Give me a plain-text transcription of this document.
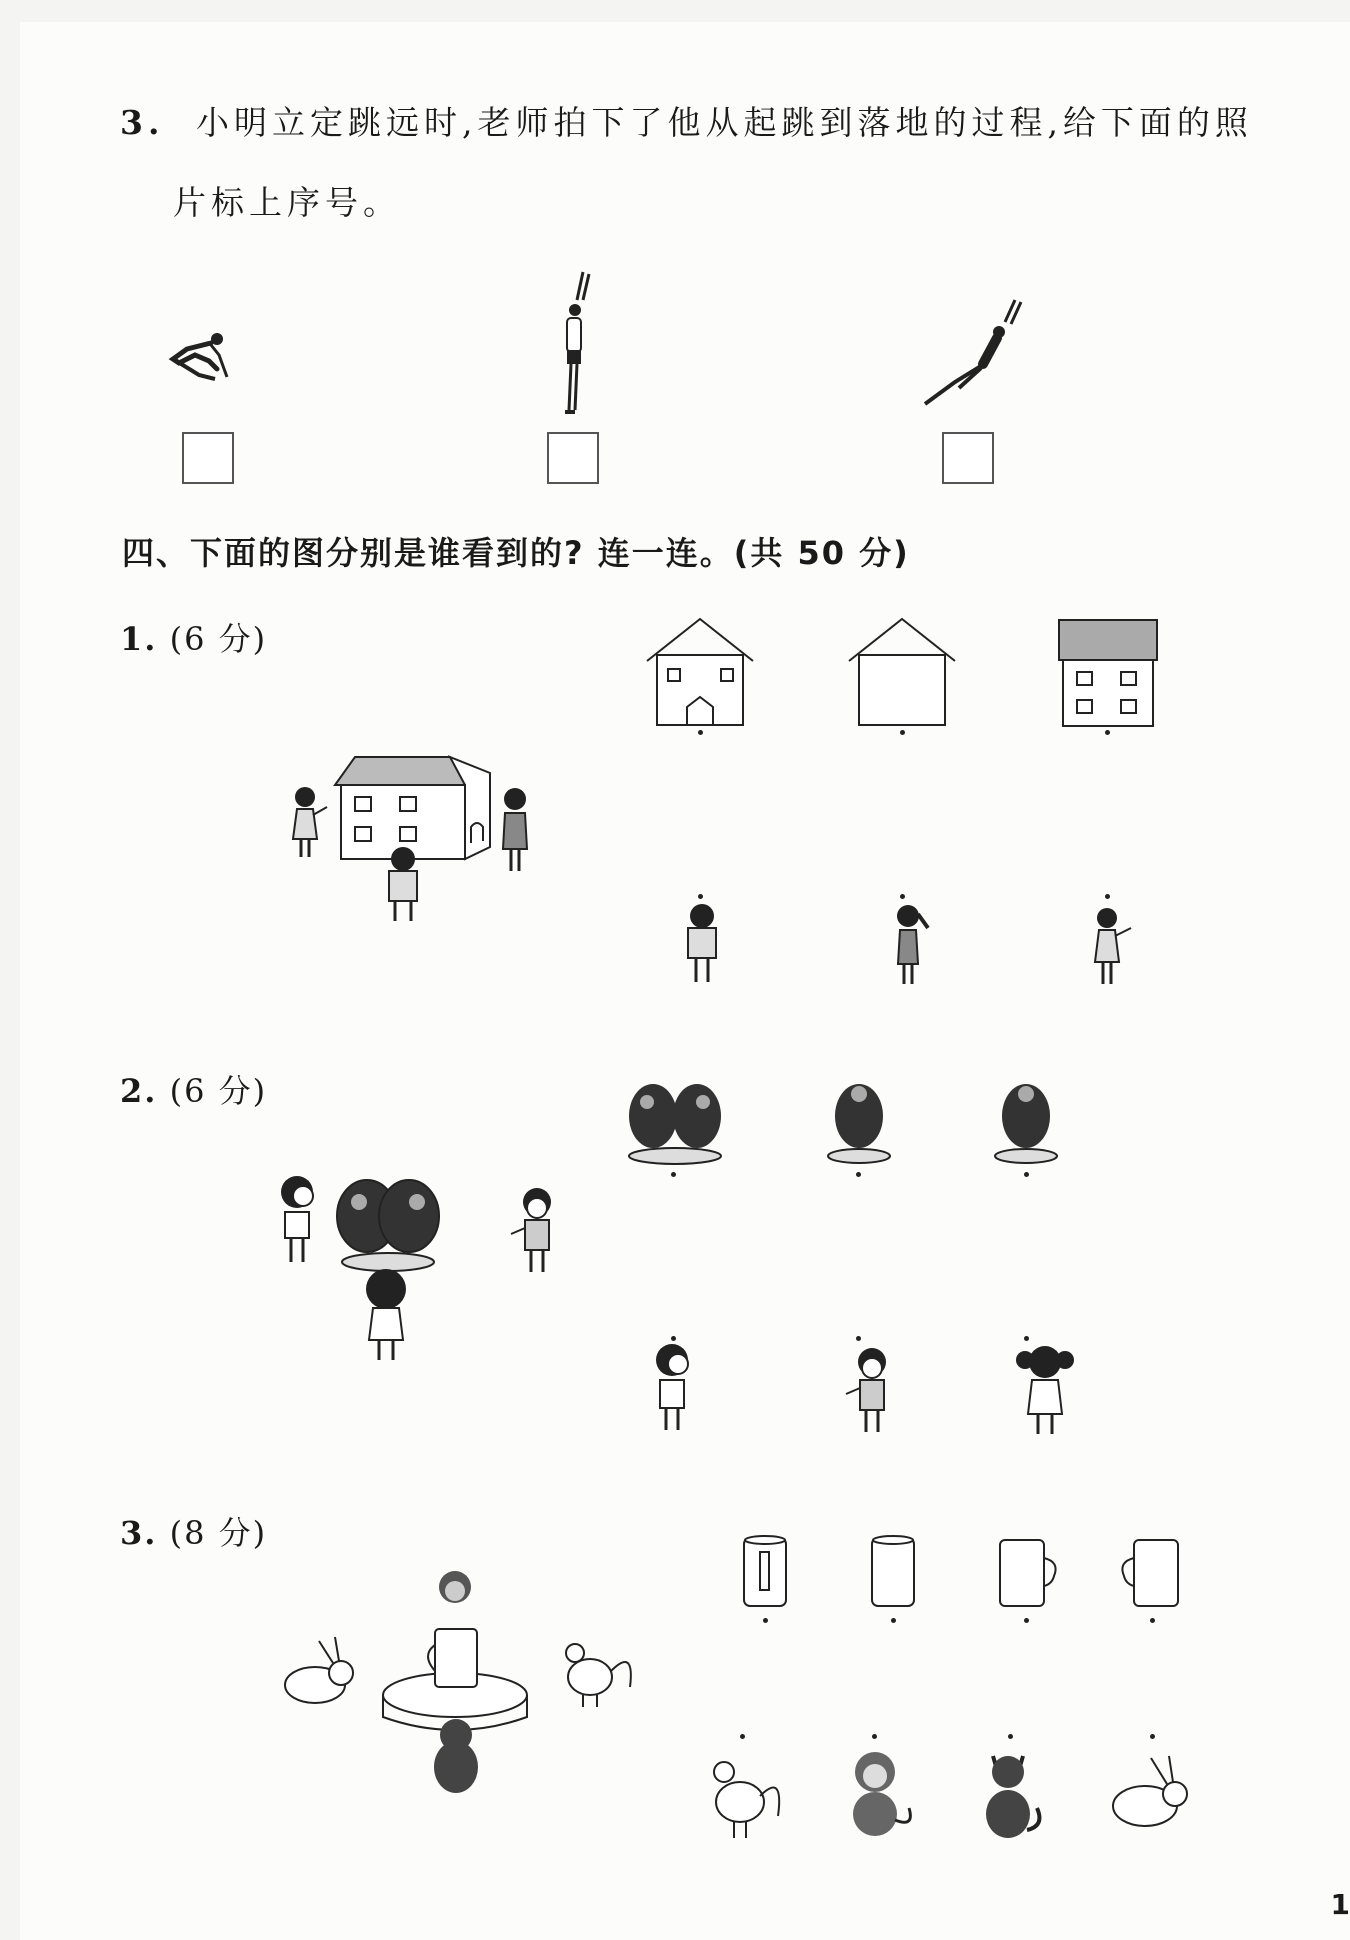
3. 小明立定跳远时,老师拍下了他从起跳到落地的过程,给下面的照
片标上序号。
四、下面的图分别是谁看到的? 连一连。(共 50 分)
1. (6 分)
2. (6 分)
3. (8 分)
1
